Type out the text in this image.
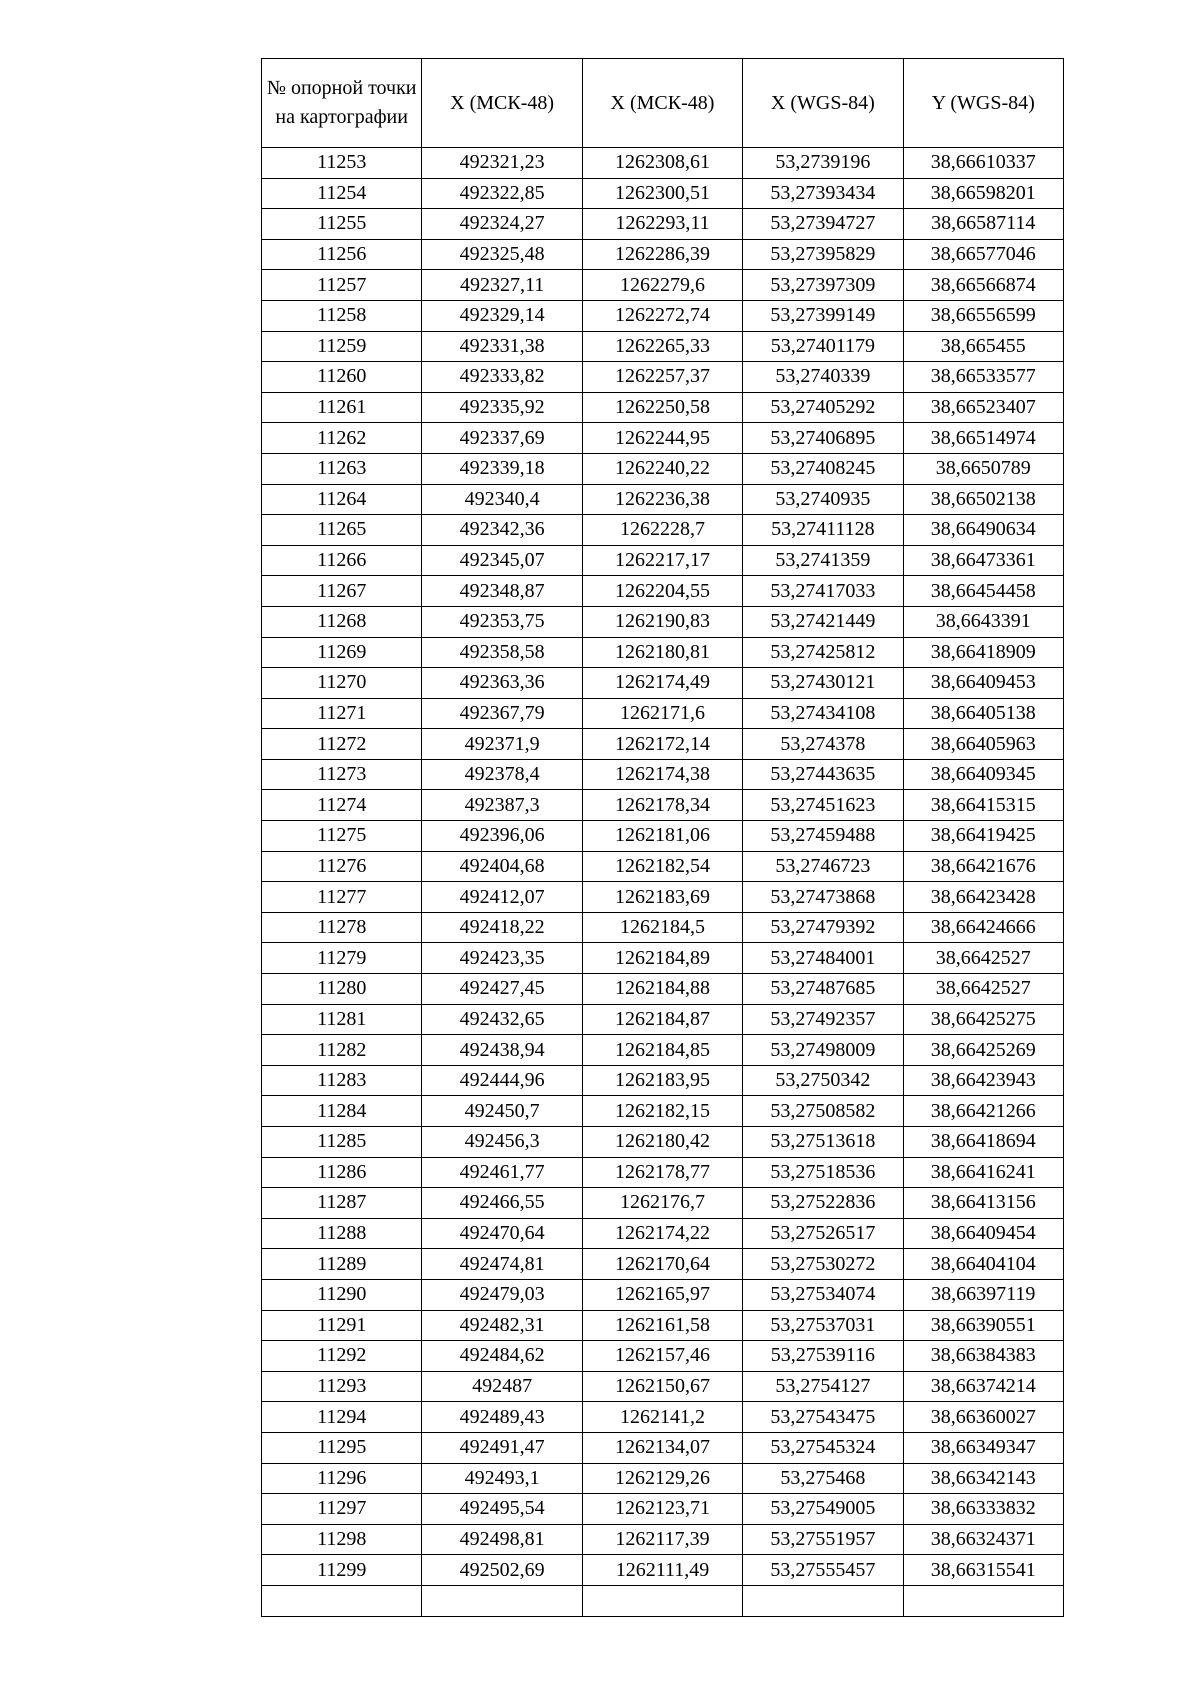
№ опорной точки на картографии	X (МСК-48)	X (МСК-48)	X (WGS-84)	Y (WGS-84)
11253	492321,23	1262308,61	53,2739196	38,66610337
11254	492322,85	1262300,51	53,27393434	38,66598201
11255	492324,27	1262293,11	53,27394727	38,66587114
11256	492325,48	1262286,39	53,27395829	38,66577046
11257	492327,11	1262279,6	53,27397309	38,66566874
11258	492329,14	1262272,74	53,27399149	38,66556599
11259	492331,38	1262265,33	53,27401179	38,665455
11260	492333,82	1262257,37	53,2740339	38,66533577
11261	492335,92	1262250,58	53,27405292	38,66523407
11262	492337,69	1262244,95	53,27406895	38,66514974
11263	492339,18	1262240,22	53,27408245	38,6650789
11264	492340,4	1262236,38	53,2740935	38,66502138
11265	492342,36	1262228,7	53,27411128	38,66490634
11266	492345,07	1262217,17	53,2741359	38,66473361
11267	492348,87	1262204,55	53,27417033	38,66454458
11268	492353,75	1262190,83	53,27421449	38,6643391
11269	492358,58	1262180,81	53,27425812	38,66418909
11270	492363,36	1262174,49	53,27430121	38,66409453
11271	492367,79	1262171,6	53,27434108	38,66405138
11272	492371,9	1262172,14	53,274378	38,66405963
11273	492378,4	1262174,38	53,27443635	38,66409345
11274	492387,3	1262178,34	53,27451623	38,66415315
11275	492396,06	1262181,06	53,27459488	38,66419425
11276	492404,68	1262182,54	53,2746723	38,66421676
11277	492412,07	1262183,69	53,27473868	38,66423428
11278	492418,22	1262184,5	53,27479392	38,66424666
11279	492423,35	1262184,89	53,27484001	38,6642527
11280	492427,45	1262184,88	53,27487685	38,6642527
11281	492432,65	1262184,87	53,27492357	38,66425275
11282	492438,94	1262184,85	53,27498009	38,66425269
11283	492444,96	1262183,95	53,2750342	38,66423943
11284	492450,7	1262182,15	53,27508582	38,66421266
11285	492456,3	1262180,42	53,27513618	38,66418694
11286	492461,77	1262178,77	53,27518536	38,66416241
11287	492466,55	1262176,7	53,27522836	38,66413156
11288	492470,64	1262174,22	53,27526517	38,66409454
11289	492474,81	1262170,64	53,27530272	38,66404104
11290	492479,03	1262165,97	53,27534074	38,66397119
11291	492482,31	1262161,58	53,27537031	38,66390551
11292	492484,62	1262157,46	53,27539116	38,66384383
11293	492487	1262150,67	53,2754127	38,66374214
11294	492489,43	1262141,2	53,27543475	38,66360027
11295	492491,47	1262134,07	53,27545324	38,66349347
11296	492493,1	1262129,26	53,275468	38,66342143
11297	492495,54	1262123,71	53,27549005	38,66333832
11298	492498,81	1262117,39	53,27551957	38,66324371
11299	492502,69	1262111,49	53,27555457	38,66315541
